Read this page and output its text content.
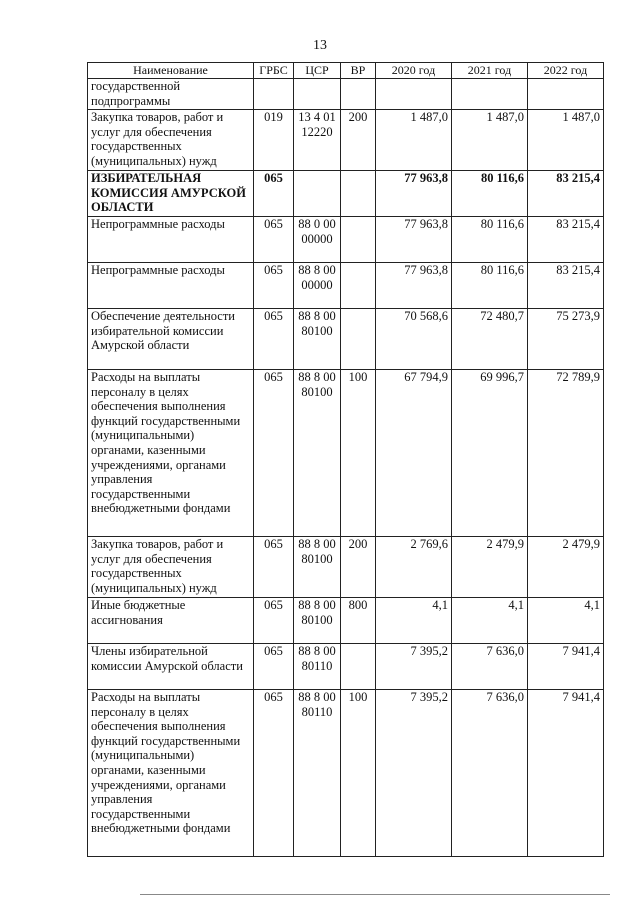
13
Наименование	ГРБС	ЦСР	ВР	2020 год	2021 год	2022 год
государственной подпрограммы						
Закупка товаров, работ и услуг для обеспечения государственных (муниципальных) нужд	019	13 4 01 12220	200	1 487,0	1 487,0	1 487,0
ИЗБИРАТЕЛЬНАЯ КОМИССИЯ АМУРСКОЙ ОБЛАСТИ	065			77 963,8	80 116,6	83 215,4
Непрограммные расходы	065	88 0 00 00000		77 963,8	80 116,6	83 215,4
Непрограммные расходы	065	88 8 00 00000		77 963,8	80 116,6	83 215,4
Обеспечение деятельности избирательной комиссии Амурской области	065	88 8 00 80100		70 568,6	72 480,7	75 273,9
Расходы на выплаты персоналу в целях обеспечения выполнения функций государственными (муниципальными) органами, казенными учреждениями, органами управления государственными внебюджетными фондами	065	88 8 00 80100	100	67 794,9	69 996,7	72 789,9
Закупка товаров, работ и услуг для обеспечения государственных (муниципальных) нужд	065	88 8 00 80100	200	2 769,6	2 479,9	2 479,9
Иные бюджетные ассигнования	065	88 8 00 80100	800	4,1	4,1	4,1
Члены избирательной комиссии Амурской области	065	88 8 00 80110		7 395,2	7 636,0	7 941,4
Расходы на выплаты персоналу в целях обеспечения выполнения функций государственными (муниципальными) органами, казенными учреждениями, органами управления государственными внебюджетными фондами	065	88 8 00 80110	100	7 395,2	7 636,0	7 941,4
